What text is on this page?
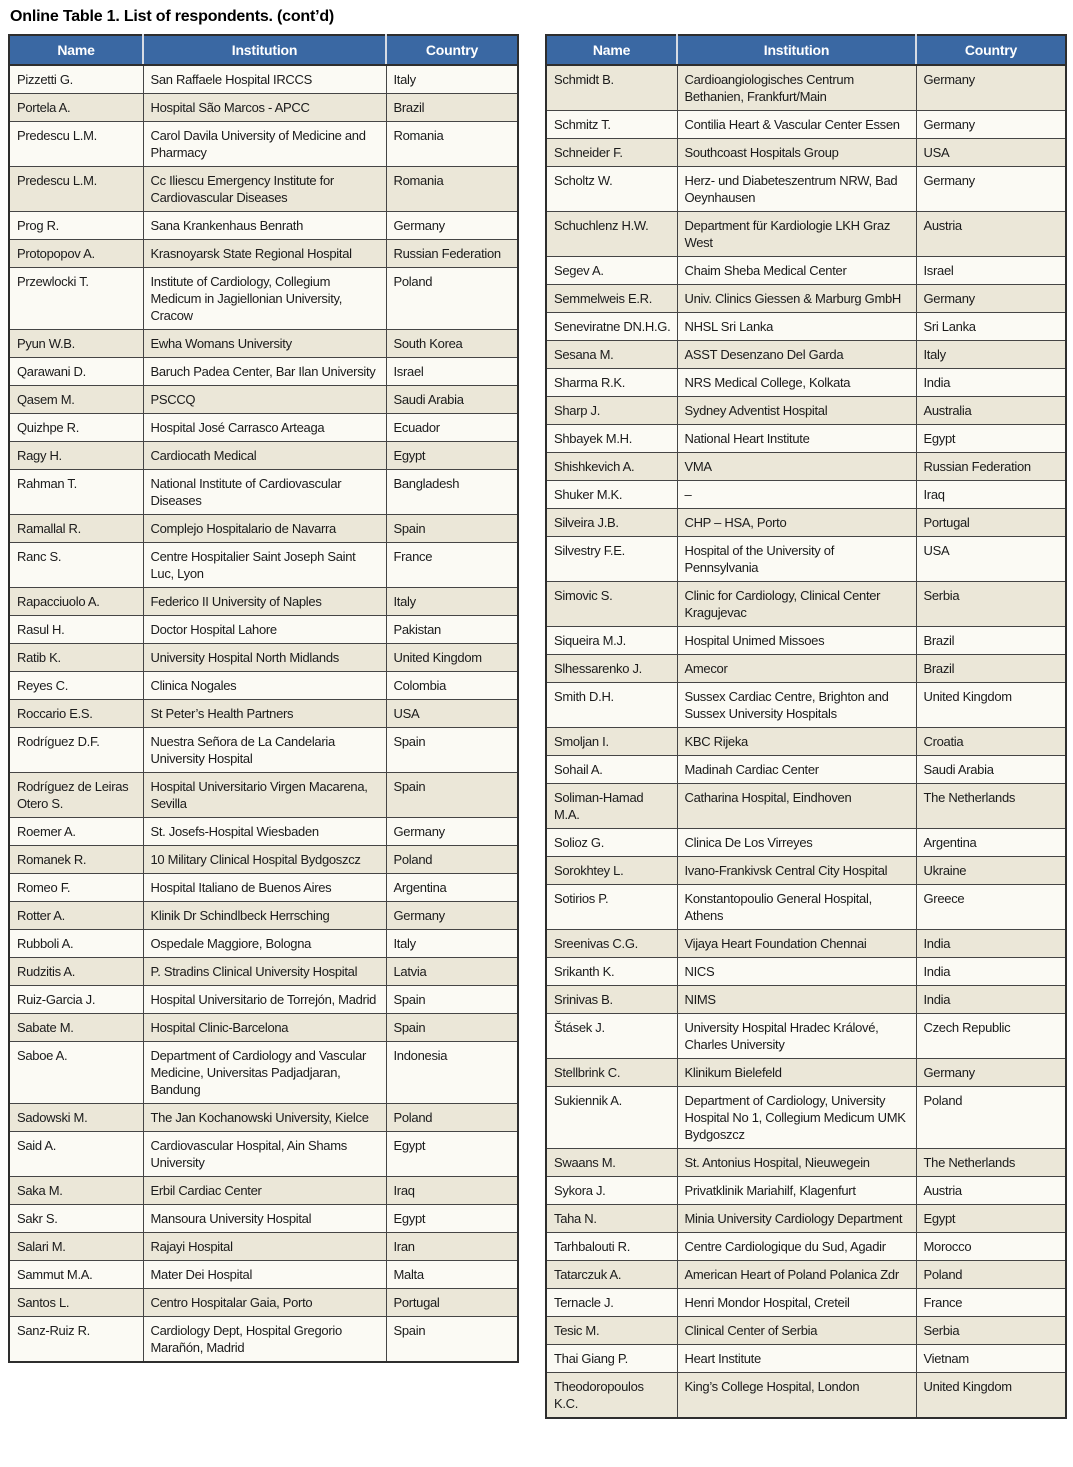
Online Table 1. List of respondents. (cont’d)
Name	Institution	Country
Pizzetti G.	San Raffaele Hospital IRCCS	Italy
Portela A.	Hospital São Marcos - APCC	Brazil
Predescu L.M.	Carol Davila University of Medicine and Pharmacy	Romania
Predescu L.M.	Cc Iliescu Emergency Institute for Cardiovascular Diseases	Romania
Prog R.	Sana Krankenhaus Benrath	Germany
Protopopov A.	Krasnoyarsk State Regional Hospital	Russian Federation
Przewlocki T.	Institute of Cardiology, Collegium Medicum in Jagiellonian University, Cracow	Poland
Pyun W.B.	Ewha Womans University	South Korea
Qarawani D.	Baruch Padea Center, Bar Ilan University	Israel
Qasem M.	PSCCQ	Saudi Arabia
Quizhpe R.	Hospital José Carrasco Arteaga	Ecuador
Ragy H.	Cardiocath Medical	Egypt
Rahman T.	National Institute of Cardiovascular Diseases	Bangladesh
Ramallal R.	Complejo Hospitalario de Navarra	Spain
Ranc S.	Centre Hospitalier Saint Joseph Saint Luc, Lyon	France
Rapacciuolo A.	Federico II University of Naples	Italy
Rasul H.	Doctor Hospital Lahore	Pakistan
Ratib K.	University Hospital North Midlands	United Kingdom
Reyes C.	Clinica Nogales	Colombia
Roccario E.S.	St Peter’s Health Partners	USA
Rodríguez D.F.	Nuestra Señora de La Candelaria University Hospital	Spain
Rodríguez de Leiras Otero S.	Hospital Universitario Virgen Macarena, Sevilla	Spain
Roemer A.	St. Josefs-Hospital Wiesbaden	Germany
Romanek R.	10 Military Clinical Hospital Bydgoszcz	Poland
Romeo F.	Hospital Italiano de Buenos Aires	Argentina
Rotter A.	Klinik Dr Schindlbeck Herrsching	Germany
Rubboli A.	Ospedale Maggiore, Bologna	Italy
Rudzitis A.	P. Stradins Clinical University Hospital	Latvia
Ruiz-Garcia J.	Hospital Universitario de Torrejón, Madrid	Spain
Sabate M.	Hospital Clinic-Barcelona	Spain
Saboe A.	Department of Cardiology and Vascular Medicine, Universitas Padjadjaran, Bandung	Indonesia
Sadowski M.	The Jan Kochanowski University, Kielce	Poland
Said A.	Cardiovascular Hospital, Ain Shams University	Egypt
Saka M.	Erbil Cardiac Center	Iraq
Sakr S.	Mansoura University Hospital	Egypt
Salari M.	Rajayi Hospital	Iran
Sammut M.A.	Mater Dei Hospital	Malta
Santos L.	Centro Hospitalar Gaia, Porto	Portugal
Sanz-Ruiz R.	Cardiology Dept, Hospital Gregorio Marañón, Madrid	Spain
Name	Institution	Country
Schmidt B.	Cardioangiologisches Centrum Bethanien, Frankfurt/Main	Germany
Schmitz T.	Contilia Heart & Vascular Center Essen	Germany
Schneider F.	Southcoast Hospitals Group	USA
Scholtz W.	Herz- und Diabeteszentrum NRW, Bad Oeynhausen	Germany
Schuchlenz H.W.	Department für Kardiologie LKH Graz West	Austria
Segev A.	Chaim Sheba Medical Center	Israel
Semmelweis E.R.	Univ. Clinics Giessen & Marburg GmbH	Germany
Seneviratne DN.H.G.	NHSL Sri Lanka	Sri Lanka
Sesana M.	ASST Desenzano Del Garda	Italy
Sharma R.K.	NRS Medical College, Kolkata	India
Sharp J.	Sydney Adventist Hospital	Australia
Shbayek M.H.	National Heart Institute	Egypt
Shishkevich A.	VMA	Russian Federation
Shuker M.K.	–	Iraq
Silveira J.B.	CHP – HSA, Porto	Portugal
Silvestry F.E.	Hospital of the University of Pennsylvania	USA
Simovic S.	Clinic for Cardiology, Clinical Center Kragujevac	Serbia
Siqueira M.J.	Hospital Unimed Missoes	Brazil
Slhessarenko J.	Amecor	Brazil
Smith D.H.	Sussex Cardiac Centre, Brighton and Sussex University Hospitals	United Kingdom
Smoljan I.	KBC Rijeka	Croatia
Sohail A.	Madinah Cardiac Center	Saudi Arabia
Soliman-Hamad M.A.	Catharina Hospital, Eindhoven	The Netherlands
Solioz G.	Clinica De Los Virreyes	Argentina
Sorokhtey L.	Ivano-Frankivsk Central City Hospital	Ukraine
Sotirios P.	Konstantopoulio General Hospital, Athens	Greece
Sreenivas C.G.	Vijaya Heart Foundation Chennai	India
Srikanth K.	NICS	India
Srinivas B.	NIMS	India
Štásek J.	University Hospital Hradec Králové, Charles University	Czech Republic
Stellbrink C.	Klinikum Bielefeld	Germany
Sukiennik A.	Department of Cardiology, University Hospital No 1, Collegium Medicum UMK Bydgoszcz	Poland
Swaans M.	St. Antonius Hospital, Nieuwegein	The Netherlands
Sykora J.	Privatklinik Mariahilf, Klagenfurt	Austria
Taha N.	Minia University Cardiology Department	Egypt
Tarhbalouti R.	Centre Cardiologique du Sud, Agadir	Morocco
Tatarczuk A.	American Heart of Poland Polanica Zdr	Poland
Ternacle J.	Henri Mondor Hospital, Creteil	France
Tesic M.	Clinical Center of Serbia	Serbia
Thai Giang P.	Heart Institute	Vietnam
Theodoropoulos K.C.	King’s College Hospital, London	United Kingdom
